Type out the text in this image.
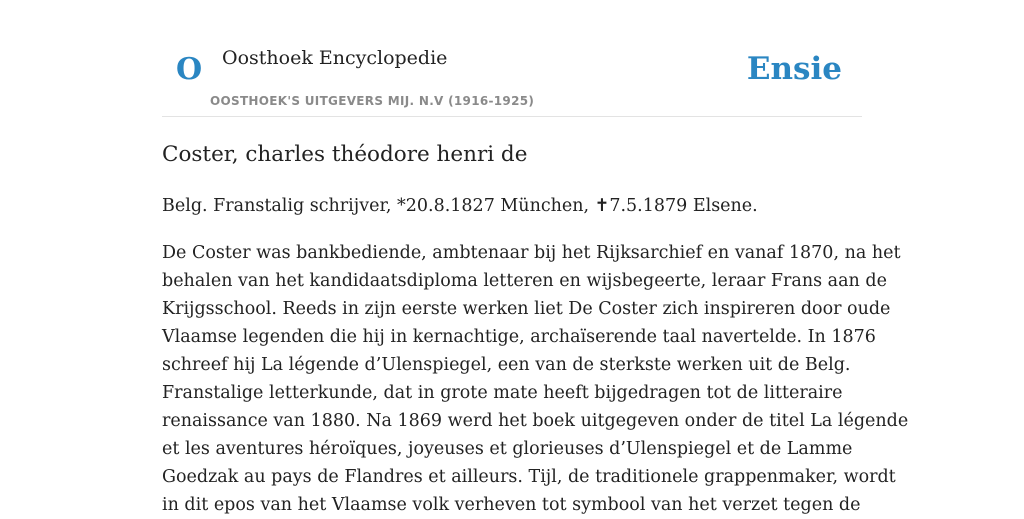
O Oosthoek Encyclopedie
OOSTHOEK'S UITGEVERS MIJ. N.V (1916-1925)
Ensie
Coster, charles théodore henri de

Belg. Franstalig schrijver, *20.8.1827 München, ✝7.5.1879 Elsene.

De Coster was bankbediende, ambtenaar bij het Rijksarchief en vanaf 1870, na het
behalen van het kandidaatsdiploma letteren en wijsbegeerte, leraar Frans aan de
Krijgsschool. Reeds in zijn eerste werken liet De Coster zich inspireren door oude
Vlaamse legenden die hij in kernachtige, archaïserende taal navertelde. In 1876
schreef hij La légende d’Ulenspiegel, een van de sterkste werken uit de Belg.
Franstalige letterkunde, dat in grote mate heeft bijgedragen tot de litteraire
renaissance van 1880. Na 1869 werd het boek uitgegeven onder de titel La légende
et les aventures héroïques, joyeuses et glorieuses d’Ulenspiegel et de Lamme
Goedzak au pays de Flandres et ailleurs. Tijl, de traditionele grappenmaker, wordt
in dit epos van het Vlaamse volk verheven tot symbool van het verzet tegen de
